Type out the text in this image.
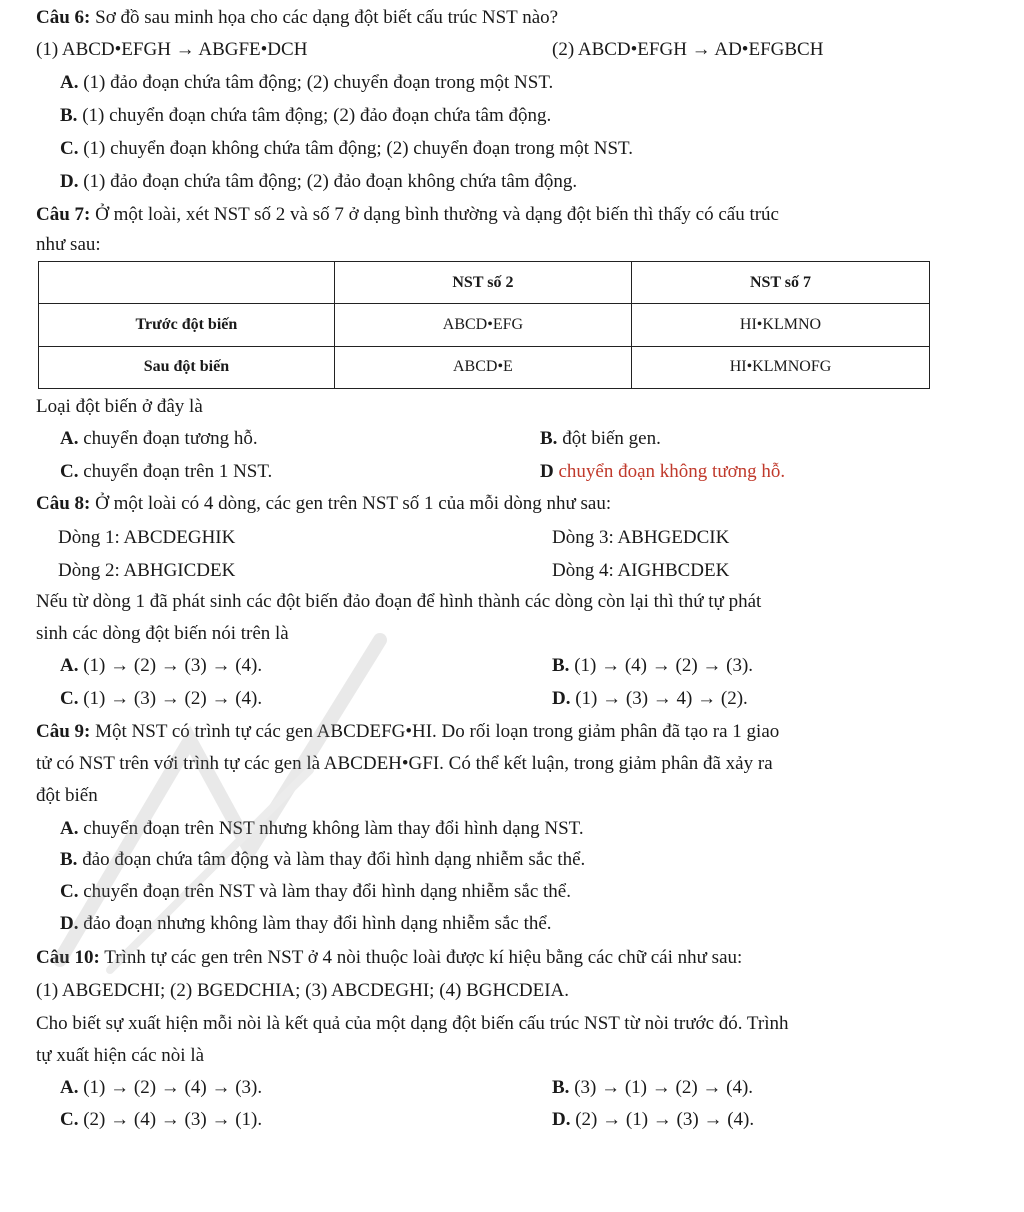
Câu 6: Sơ đồ sau minh họa cho các dạng đột biết cấu trúc NST nào?
(1) ABCD•EFGH → ABGFE•DCH	(2) ABCD•EFGH → AD•EFGBCH
A. (1) đảo đoạn chứa tâm động; (2) chuyển đoạn trong một NST.
B. (1) chuyển đoạn chứa tâm động; (2) đảo đoạn chứa tâm động.
C. (1) chuyển đoạn không chứa tâm động; (2) chuyển đoạn trong một NST.
D. (1) đảo đoạn chứa tâm động; (2) đảo đoạn không chứa tâm động.
Câu 7: Ở một loài, xét NST số 2 và số 7 ở dạng bình thường và dạng đột biến thì thấy có cấu trúc
như sau:
	NST số 2	NST số 7
Trước đột biến	ABCD•EFG	HI•KLMNO
Sau đột biến	ABCD•E	HI•KLMNOFG
Loại đột biến ở đây là
A. chuyển đoạn tương hỗ.	B. đột biến gen.
C. chuyển đoạn trên 1 NST.	D chuyển đoạn không tương hỗ.
Câu 8: Ở một loài có 4 dòng, các gen trên NST số 1 của mỗi dòng như sau:
Dòng 1: ABCDEGHIK	Dòng 3: ABHGEDCIK
Dòng 2: ABHGICDEK	Dòng 4: AIGHBCDEK
Nếu từ dòng 1 đã phát sinh các đột biến đảo đoạn để hình thành các dòng còn lại thì thứ tự phát
sinh các dòng đột biến nói trên là
A. (1) → (2) → (3) → (4).	B. (1) → (4) → (2) → (3).
C. (1) → (3) → (2) → (4).	D. (1) → (3) → 4) → (2).
Câu 9: Một NST có trình tự các gen ABCDEFG•HI. Do rối loạn trong giảm phân đã tạo ra 1 giao
tử có NST trên với trình tự các gen là ABCDEH•GFI. Có thể kết luận, trong giảm phân đã xảy ra
đột biến
A. chuyển đoạn trên NST nhưng không làm thay đổi hình dạng NST.
B. đảo đoạn chứa tâm động và làm thay đổi hình dạng nhiễm sắc thể.
C. chuyển đoạn trên NST và làm thay đổi hình dạng nhiễm sắc thể.
D. đảo đoạn nhưng không làm thay đổi hình dạng nhiễm sắc thể.
Câu 10: Trình tự các gen trên NST ở 4 nòi thuộc loài được kí hiệu bằng các chữ cái như sau:
(1) ABGEDCHI; (2) BGEDCHIA; (3) ABCDEGHI; (4) BGHCDEIA.
Cho biết sự xuất hiện mỗi nòi là kết quả của một dạng đột biến cấu trúc NST từ nòi trước đó. Trình
tự xuất hiện các nòi là
A. (1) → (2) → (4) → (3).	B. (3) → (1) → (2) → (4).
C. (2) → (4) → (3) → (1).	D. (2) → (1) → (3) → (4).
